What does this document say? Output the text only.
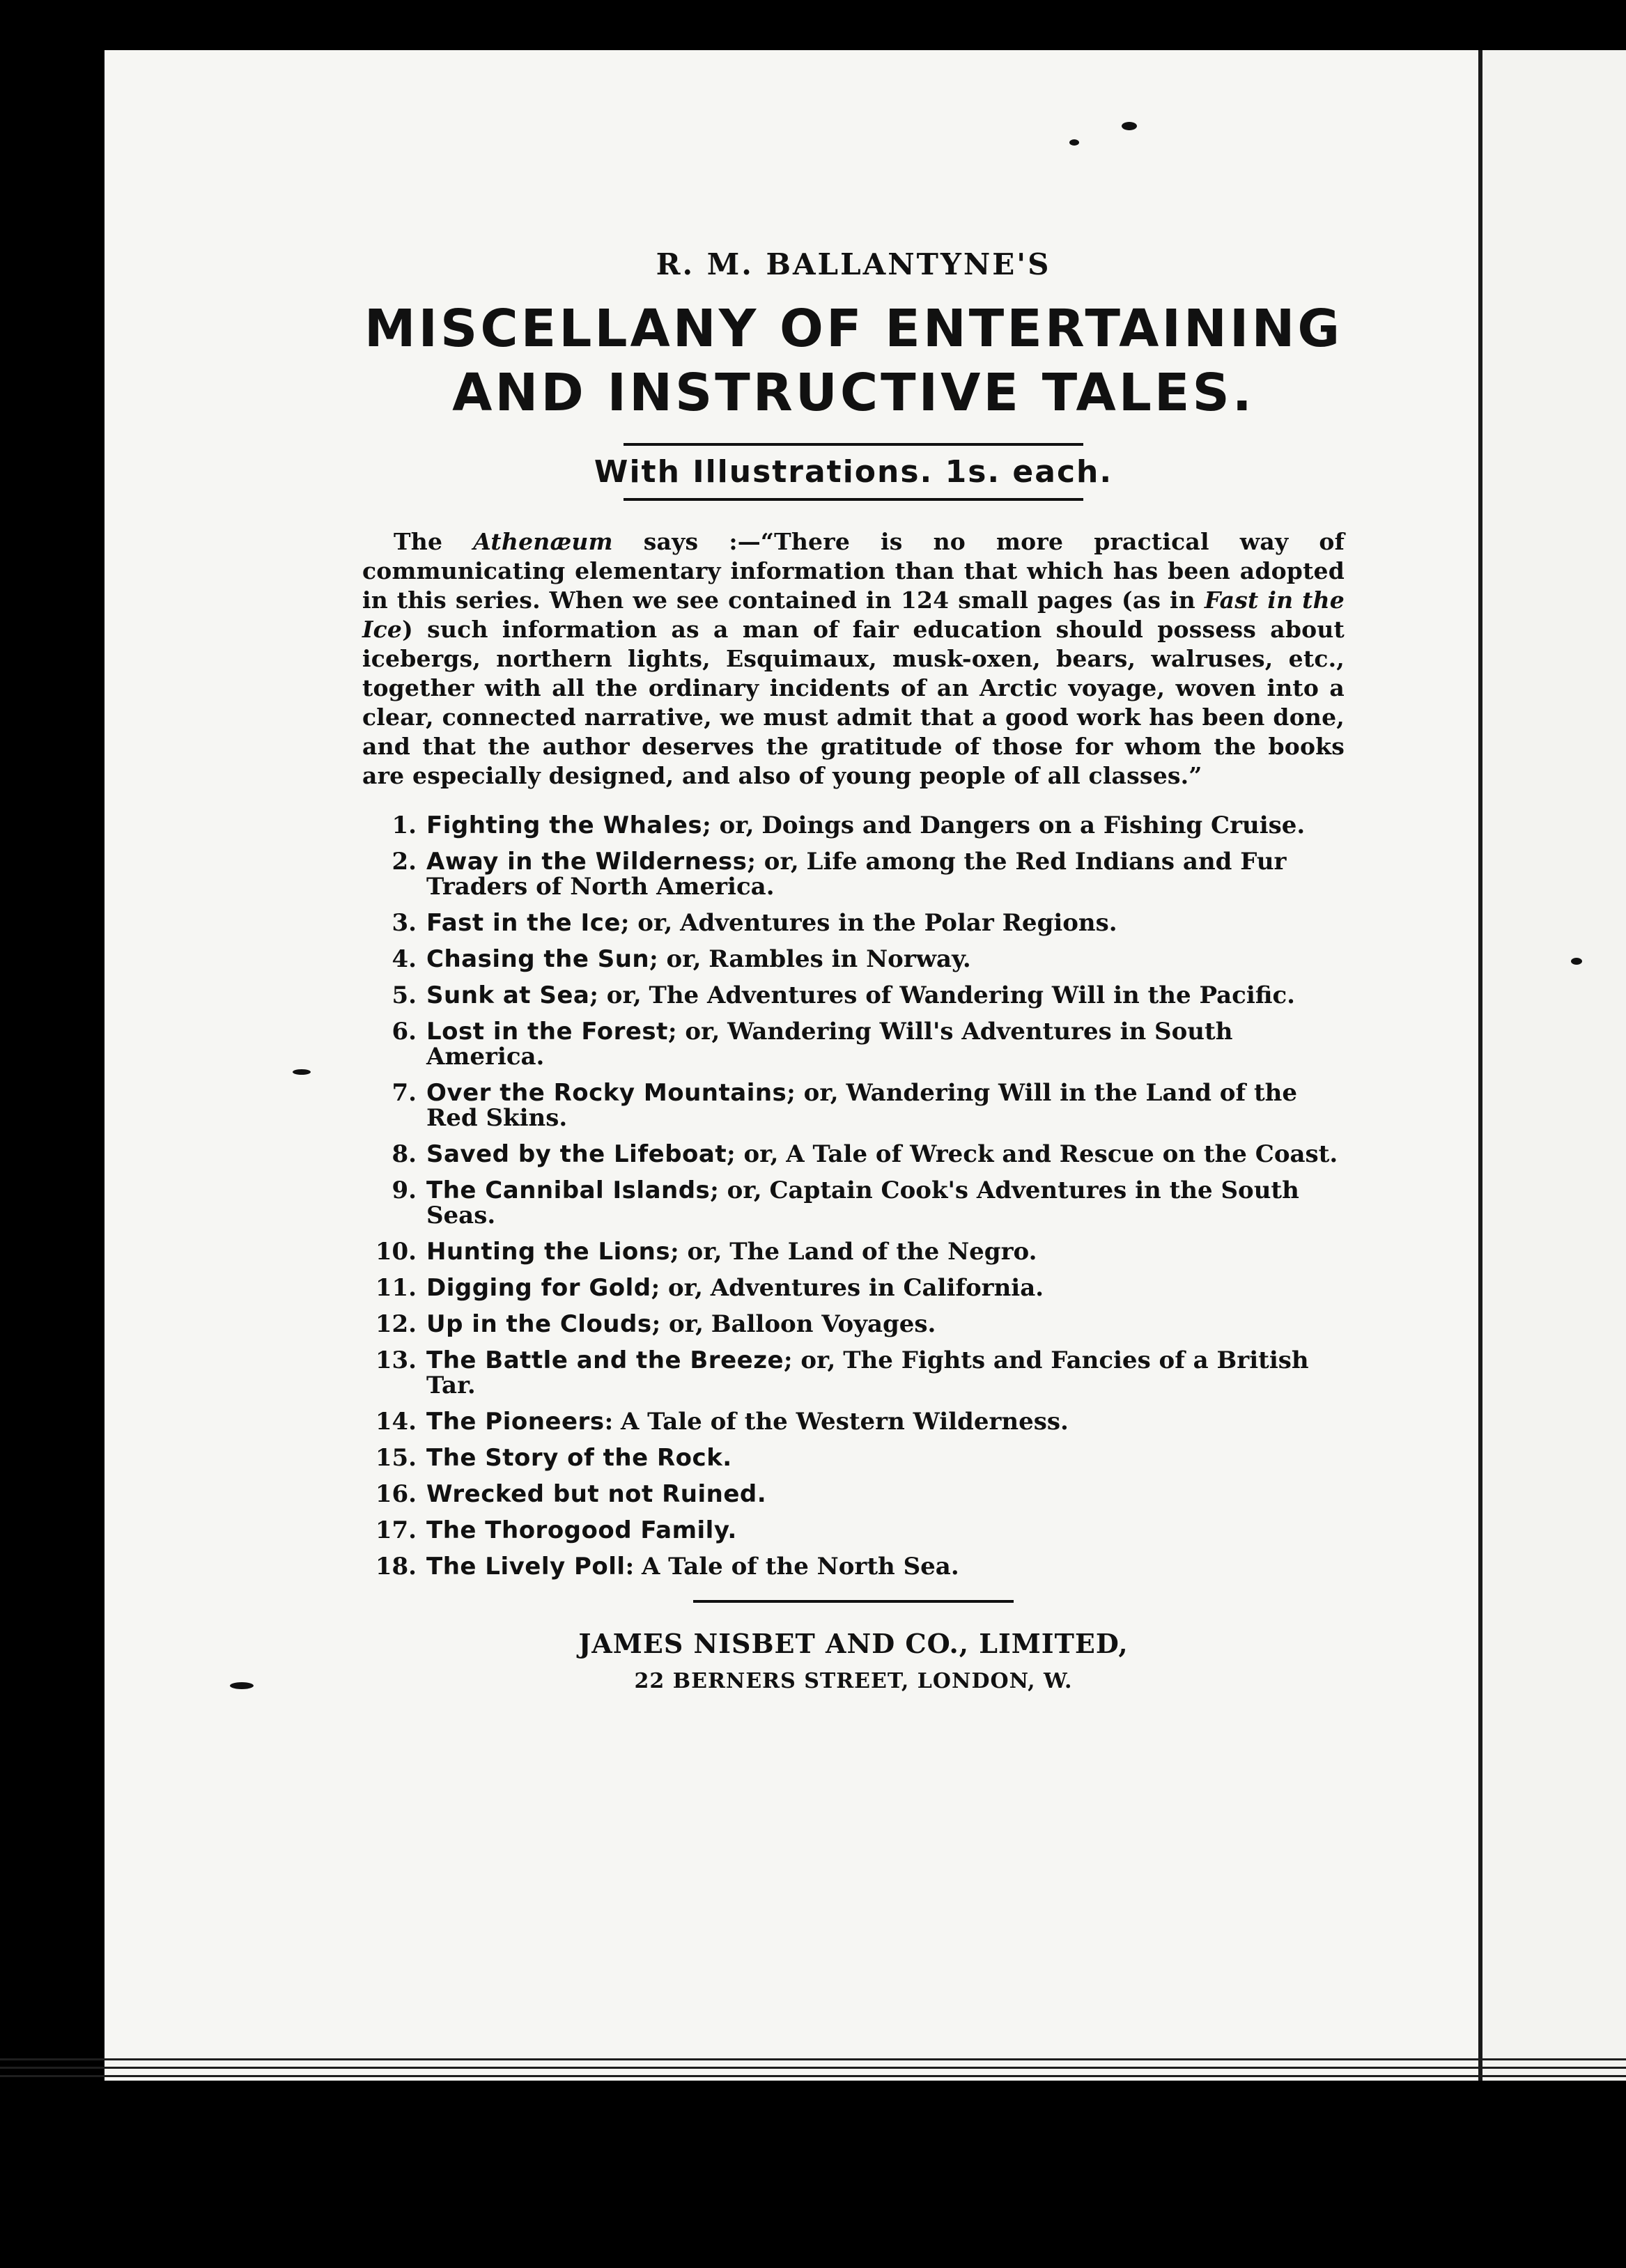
R. M. BALLANTYNE'S

MISCELLANY OF ENTERTAINING

AND INSTRUCTIVE TALES.

With Illustrations. 1s. each.

The Athenæum says :—“There is no more practical way of communicating elementary information than that which has been adopted in this series. When we see contained in 124 small pages (as in Fast in the Ice) such information as a man of fair education should possess about icebergs, northern lights, Esquimaux, musk-oxen, bears, walruses, etc., together with all the ordinary incidents of an Arctic voyage, woven into a clear, connected narrative, we must admit that a good work has been done, and that the author deserves the gratitude of those for whom the books are especially designed, and also of young people of all classes.”

1. Fighting the Whales; or, Doings and Dangers on a Fishing Cruise.
2. Away in the Wilderness; or, Life among the Red Indians and Fur Traders of North America.
3. Fast in the Ice; or, Adventures in the Polar Regions.
4. Chasing the Sun; or, Rambles in Norway.
5. Sunk at Sea; or, The Adventures of Wandering Will in the Pacific.
6. Lost in the Forest; or, Wandering Will's Adventures in South America.
7. Over the Rocky Mountains; or, Wandering Will in the Land of the Red Skins.
8. Saved by the Lifeboat; or, A Tale of Wreck and Rescue on the Coast.
9. The Cannibal Islands; or, Captain Cook's Adventures in the South Seas.
10. Hunting the Lions; or, The Land of the Negro.
11. Digging for Gold; or, Adventures in California.
12. Up in the Clouds; or, Balloon Voyages.
13. The Battle and the Breeze; or, The Fights and Fancies of a British Tar.
14. The Pioneers: A Tale of the Western Wilderness.
15. The Story of the Rock.
16. Wrecked but not Ruined.
17. The Thorogood Family.
18. The Lively Poll: A Tale of the North Sea.

JAMES NISBET AND CO., LIMITED,

22 BERNERS STREET, LONDON, W.
